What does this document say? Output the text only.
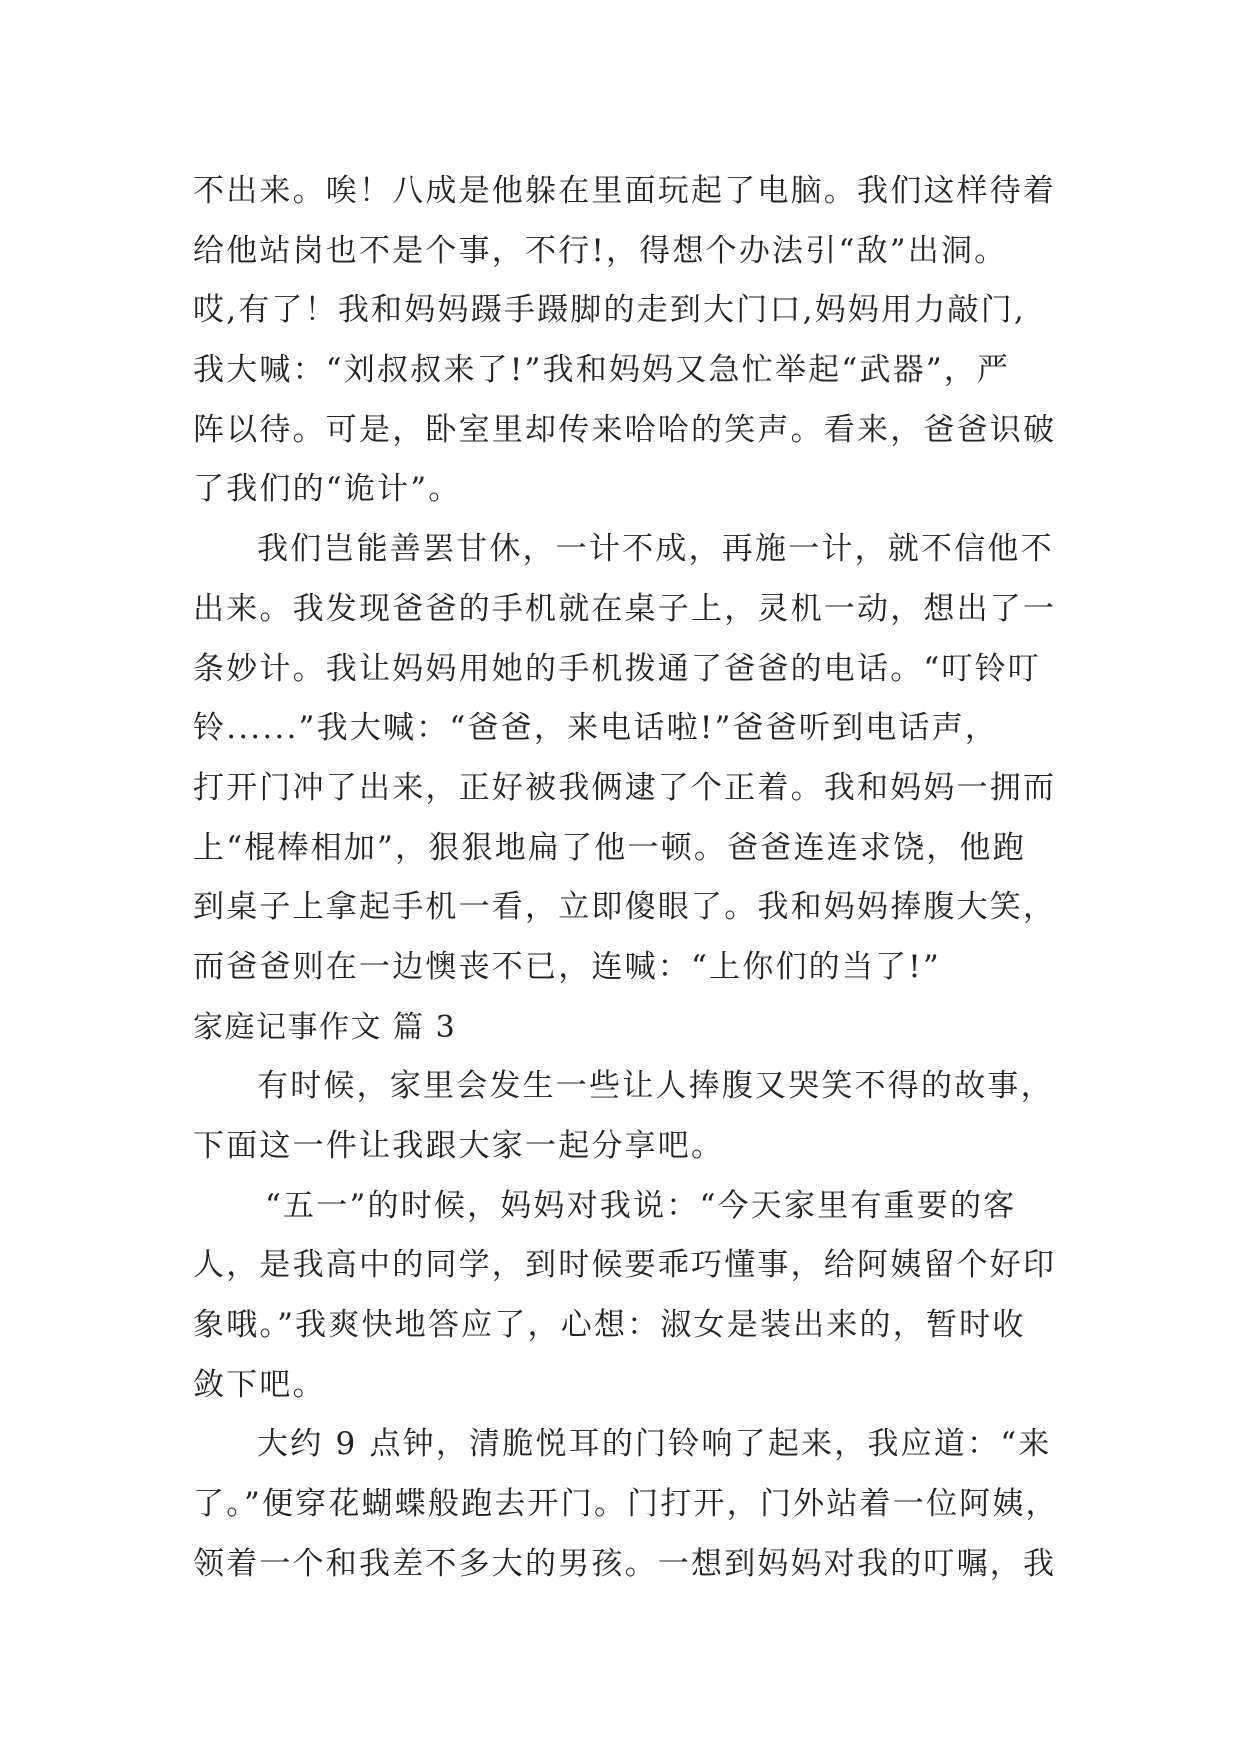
不出来。唉！八成是他躲在里面玩起了电脑。我们这样待着
给他站岗也不是个事，不行!，得想个办法引“敌”出洞。
哎,有了！我和妈妈蹑手蹑脚的走到大门口,妈妈用力敲门,
我大喊：“刘叔叔来了!”我和妈妈又急忙举起“武器”，严
阵以待。可是，卧室里却传来哈哈的笑声。看来，爸爸识破
了我们的“诡计”。
我们岂能善罢甘休，一计不成，再施一计，就不信他不
出来。我发现爸爸的手机就在桌子上，灵机一动，想出了一
条妙计。我让妈妈用她的手机拨通了爸爸的电话。“叮铃叮
铃......”我大喊：“爸爸，来电话啦!”爸爸听到电话声，
打开门冲了出来，正好被我俩逮了个正着。我和妈妈一拥而
上“棍棒相加”，狠狠地扁了他一顿。爸爸连连求饶，他跑
到桌子上拿起手机一看，立即傻眼了。我和妈妈捧腹大笑，
而爸爸则在一边懊丧不已，连喊：“上你们的当了!”
家庭记事作文 篇 3
有时候，家里会发生一些让人捧腹又哭笑不得的故事，
下面这一件让我跟大家一起分享吧。
“五一”的时候，妈妈对我说：“今天家里有重要的客
人，是我高中的同学，到时候要乖巧懂事，给阿姨留个好印
象哦。”我爽快地答应了，心想：淑女是装出来的，暂时收
敛下吧。
大约 9 点钟，清脆悦耳的门铃响了起来，我应道：“来
了。”便穿花蝴蝶般跑去开门。门打开，门外站着一位阿姨，
领着一个和我差不多大的男孩。一想到妈妈对我的叮嘱，我
